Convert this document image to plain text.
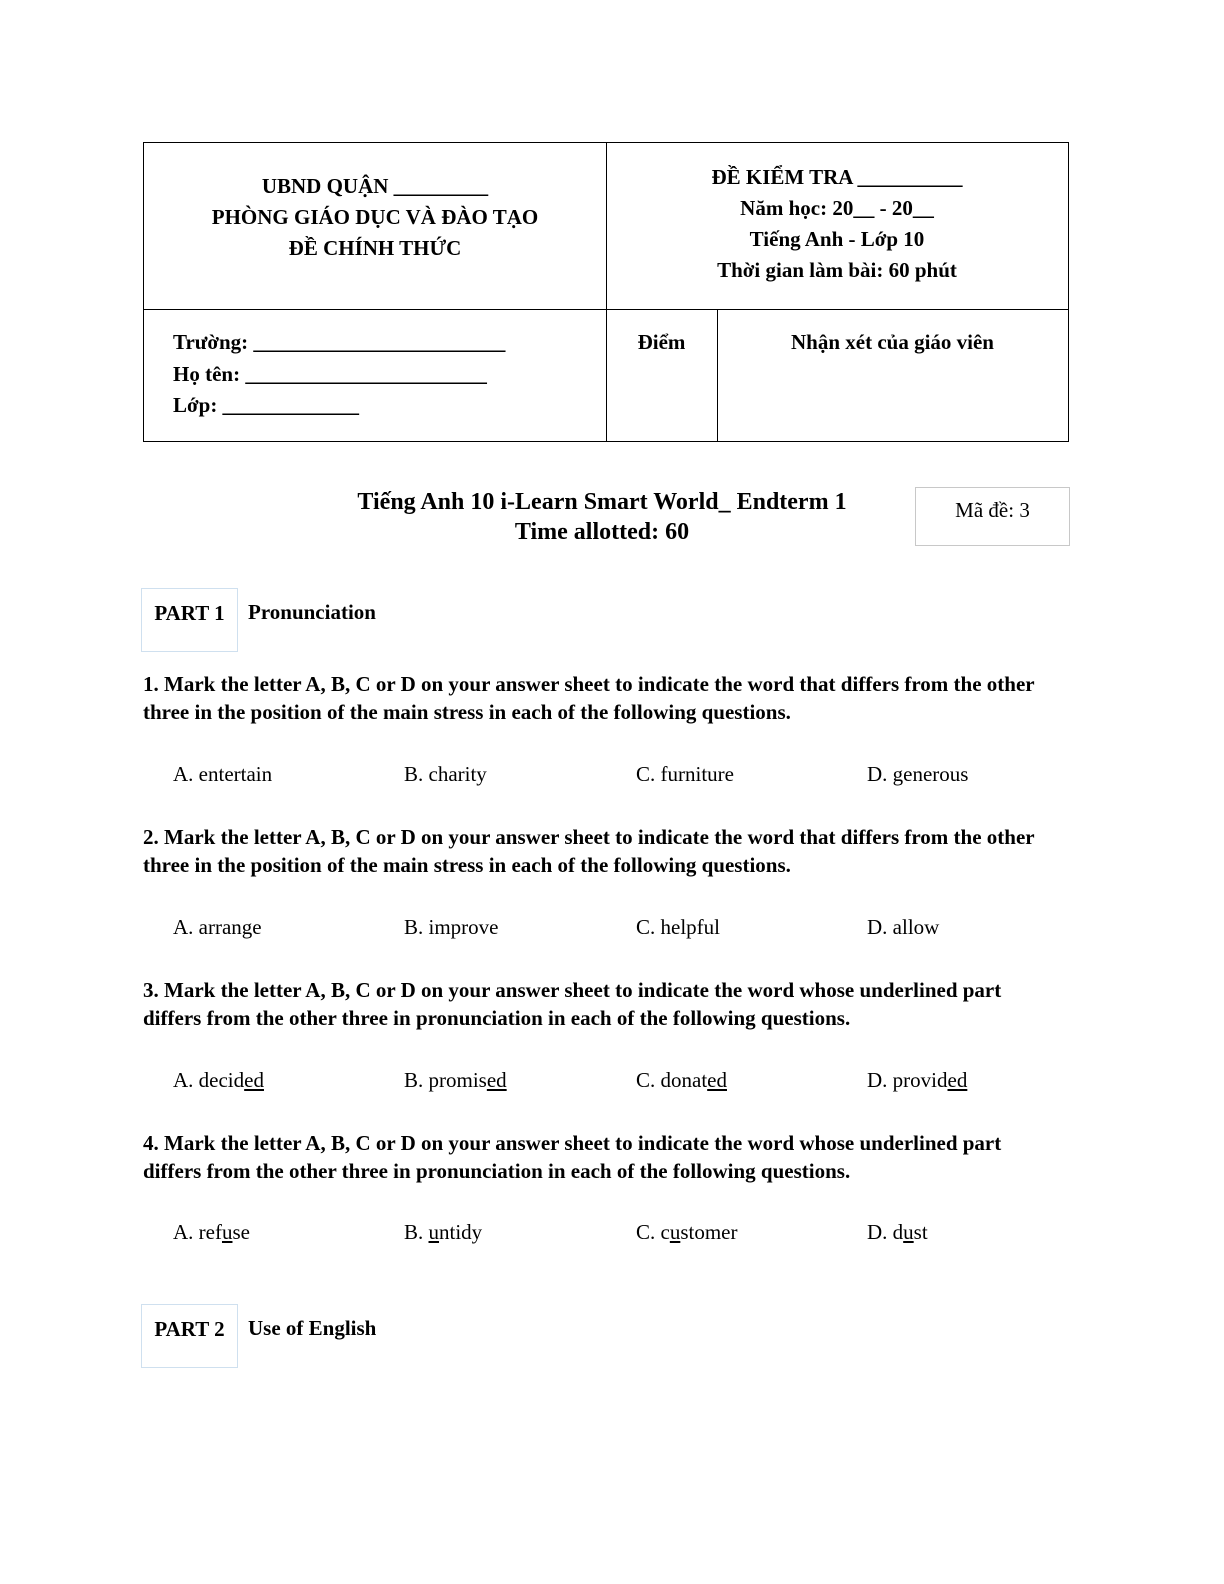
UBND QUẬN _________
PHÒNG GIÁO DỤC VÀ ĐÀO TẠO
ĐỀ CHÍNH THỨC
ĐỀ KIỂM TRA __________
Năm học: 20__ - 20__
Tiếng Anh - Lớp 10
Thời gian làm bài: 60 phút
Trường: ________________________
Họ tên: _______________________
Lớp: _____________
Điểm	Nhận xét của giáo viên
Tiếng Anh 10 i-Learn Smart World_ Endterm 1
Time allotted: 60
Mã đề: 3
PART 1	Pronunciation
1. Mark the letter A, B, C or D on your answer sheet to indicate the word that differs from the other three in the position of the main stress in each of the following questions.
A. entertain	B. charity	C. furniture	D. generous
2. Mark the letter A, B, C or D on your answer sheet to indicate the word that differs from the other three in the position of the main stress in each of the following questions.
A. arrange	B. improve	C. helpful	D. allow
3. Mark the letter A, B, C or D on your answer sheet to indicate the word whose underlined part differs from the other three in pronunciation in each of the following questions.
A. decided	B. promised	C. donated	D. provided
4. Mark the letter A, B, C or D on your answer sheet to indicate the word whose underlined part differs from the other three in pronunciation in each of the following questions.
A. refuse	B. untidy	C. customer	D. dust
PART 2	Use of English
